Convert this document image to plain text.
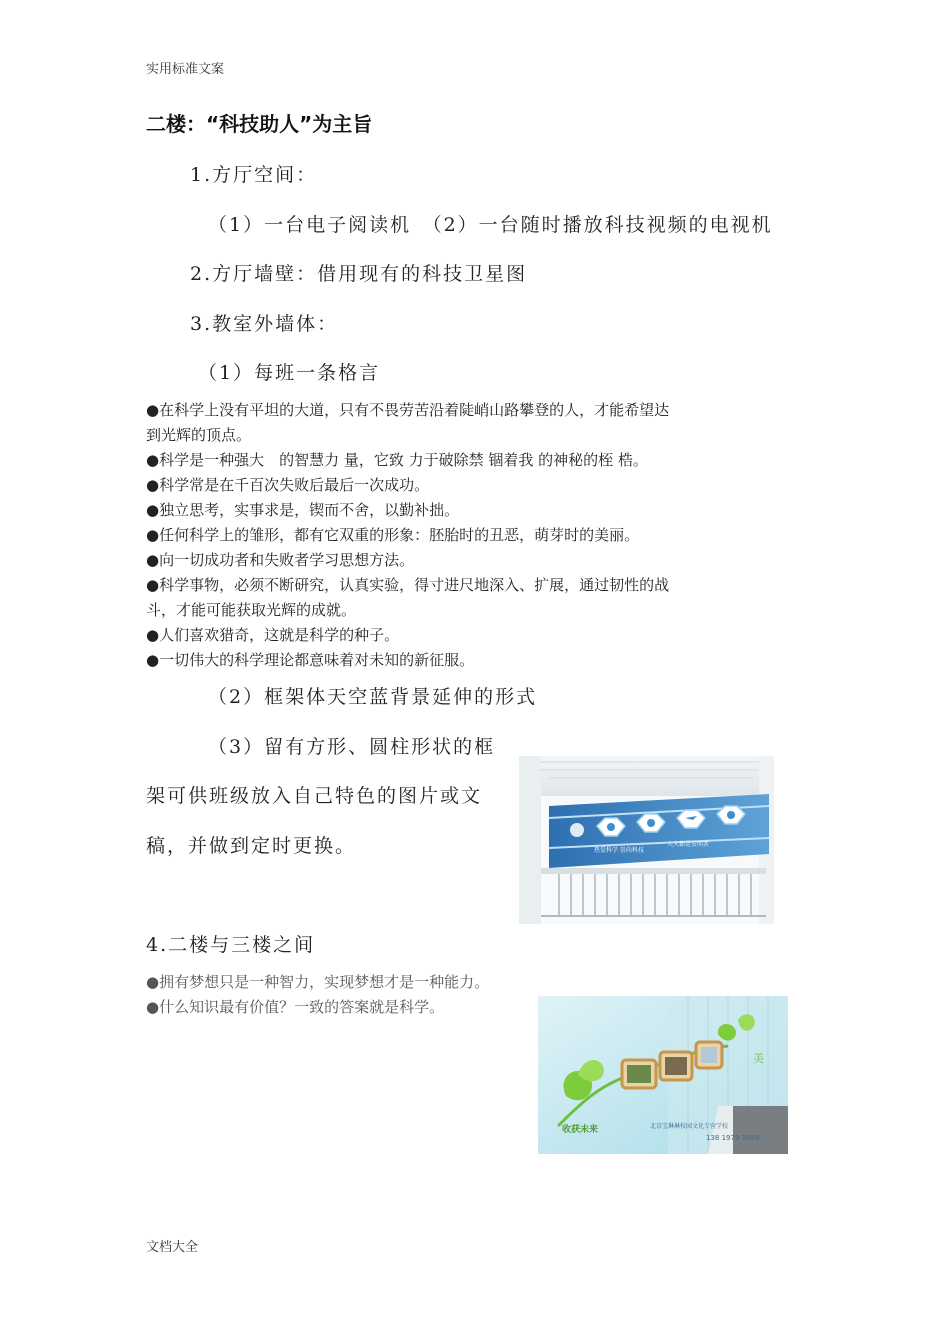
实用标准文案
二楼：“科技助人”为主旨
1.方厅空间：
（1）一台电子阅读机　（2）一台随时播放科技视频的电视机
2.方厅墙壁：借用现有的科技卫星图
3.教室外墙体：
（1）每班一条格言
●在科学上没有平坦的大道，只有不畏劳苦沿着陡峭山路攀登的人，才能希望达
到光辉的顶点。
●科学是一种强大　的智慧力 量，它致 力于破除禁 锢着我 的神秘的桎 梏。
●科学常是在千百次失败后最后一次成功。
●独立思考，实事求是，锲而不舍，以勤补拙。
●任何科学上的雏形，都有它双重的形象：胚胎时的丑恶，萌芽时的美丽。
●向一切成功者和失败者学习思想方法。
●科学事物，必须不断研究，认真实验，得寸进尺地深入、扩展，通过韧性的战
斗，才能可能获取光辉的成就。
●人们喜欢猎奇，这就是科学的种子。
●一切伟大的科学理论都意味着对未知的新征服。
（2）框架体天空蓝背景延伸的形式
（3）留有方形、圆柱形状的框
架可供班级放入自己特色的图片或文
稿，并做到定时更换。	热爱科学 崇尚科技
人人都是发明者
4.二楼与三楼之间
●拥有梦想只是一种智力，实现梦想才是一种能力。
●什么知识最有价值？一致的答案就是科学。
美
收获未来	北京宝琳琳校园文化专营学校
138 1979 3098
文档大全
